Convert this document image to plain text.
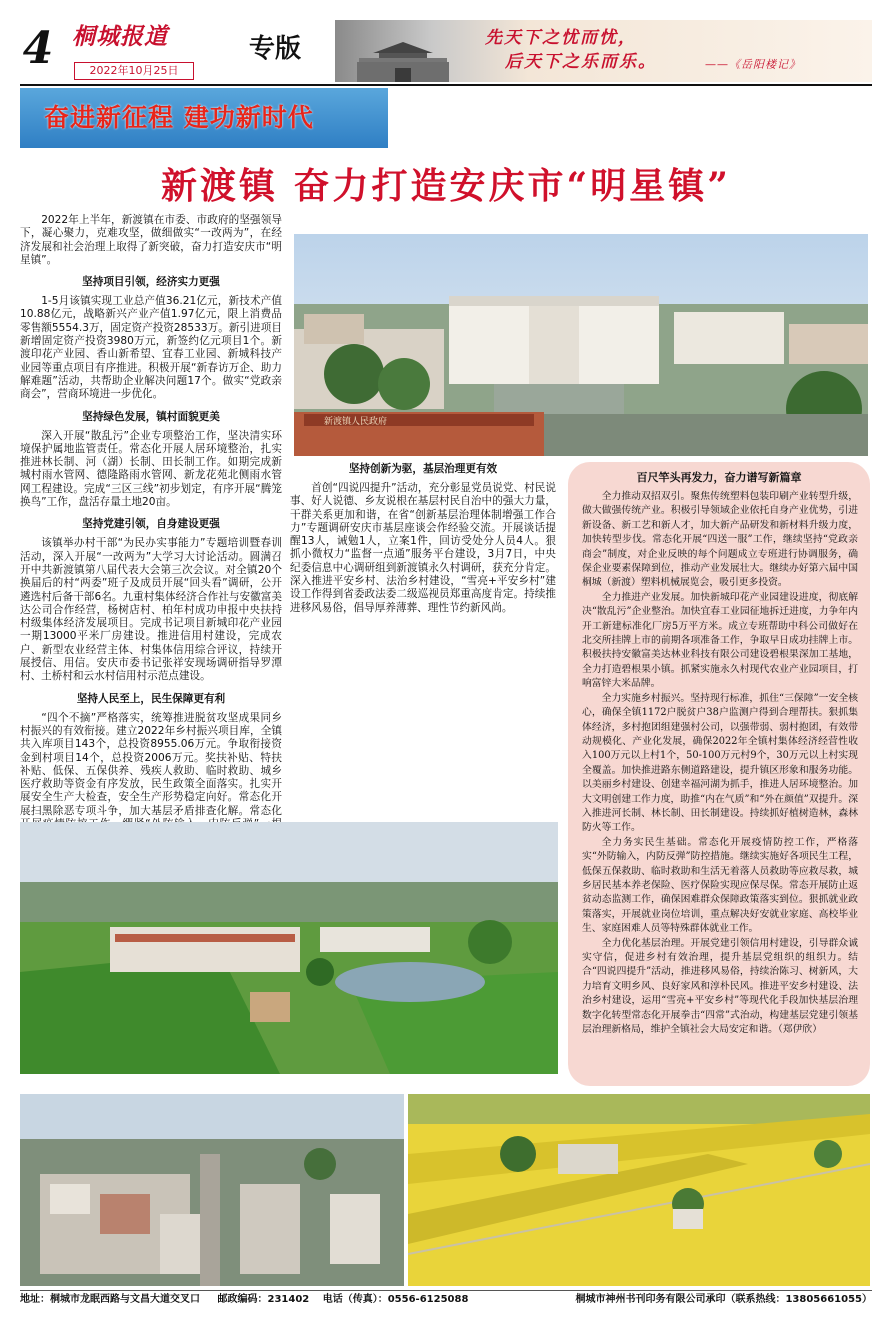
4 桐城报道
2022年10月25日
专版	先天下之忧而忧，
后天下之乐而乐。	——《岳阳楼记》
奋进新征程 建功新时代
新渡镇 奋力打造安庆市“明星镇”

2022年上半年，新渡镇在市委、市政府的坚强领导下，凝心聚力，克难攻坚，做细做实“一改两为”，在经济发展和社会治理上取得了新突破，奋力打造安庆市“明星镇”。

坚持项目引领，经济实力更强

1-5月该镇实现工业总产值36.21亿元，新技术产值10.88亿元，战略新兴产业产值1.97亿元，限上消费品零售额5554.3万，固定资产投资28533万。新引进项目新增固定资产投资3980万元，新签约亿元项目1个。新渡印花产业园、香山新希望、宜春工业园、新城科技产业园等重点项目有序推进。积极开展“新春访万企、助力解难题”活动，共帮助企业解决问题17个。做实“党政亲商会”，营商环境进一步优化。

坚持绿色发展，镇村面貌更美

深入开展“散乱污”企业专项整治工作，坚决清实环境保护属地监管责任。常态化开展人居环境整治，扎实推进林长制、河（湖）长制、田长制工作。如期完成新城村雨水管网、德隆路雨水管网、新龙花苑北侧雨水管网工程建设。完成“三区三线”初步划定，有序开展“腾笼换鸟”工作，盘活存量土地20亩。

坚持党建引领，自身建设更强

该镇举办村干部“为民办实事能力”专题培训暨春训活动，深入开展“一改两为”大学习大讨论活动。圆满召开中共新渡镇第八届代表大会第三次会议。对全镇20个换届后的村“两委”班子及成员开展“回头看”调研，公开遴选村后备干部6名。九重村集体经济合作社与安徽富美达公司合作经营，杨树店村、柏年村成功申报中央扶持村级集体经济发展项目。完成书记项目新城印花产业园一期13000平米厂房建设。推进信用村建设，完成农户、新型农业经营主体、村集体信用综合评议，持续开展授信、用信。安庆市委书记张祥安现场调研指导罗潭村、土桥村和云水村信用村示范点建设。

坚持人民至上，民生保障更有利

“四个不摘”严格落实，统筹推进脱贫攻坚成果同乡村振兴的有效衔接。建立2022年乡村振兴项目库，全镇共入库项目143个，总投资8955.06万元。争取衔接资金到村项目14个，总投资2006万元。奖扶补贴、特扶补贴、低保、五保供养、残疾人救助、临时救助、城乡医疗救助等资金有序发放，民生政策全面落实。扎实开展安全生产大检查，安全生产形势稳定向好。常态化开展扫黑除恶专项斗争，加大基层矛盾排查化解。常态化

坚持创新为驱，基层治理更有效

首创“四说四提升”活动，充分彰显党员说党、村民说事、好人说德、乡友说根在基层村民自治中的强大力量，干群关系更加和谐，在省“创新基层治理体制增强工作合力”专题调研安庆市基层座谈会作经验交流。开展谈话提醒13人，诫勉1人，立案1件，回访受处分人员4人。狠抓小微权力“监督一点通”服务平台建设，3月7日，中央纪委信息中心调研组到新渡镇永久村调研，获充分肯定。深入推进平安乡村、法治乡村建设，“雪亮+平安乡村”建设工作得到省委政法委二级巡视员郑重高度肯定。持续推进移风易俗，倡导厚养薄葬、理性节约新风尚。

新渡镇人民政府
百尺竿头再发力，奋力谱写新篇章

全力推动双招双引。聚焦传统塑料包装印刷产业转型升级，做大做强传统产业。积极引导领域企业依托自身产业优势，引进新设备、新工艺和新人才，加大新产品研发和新材料升级力度，加快转型步伐。常态化开展“四送一服”工作，继续坚持“党政亲商会”制度，对企业反映的每个问题成立专班进行协调服务，确保企业要素保障到位，推动产业发展壮大。继续办好第六届中国桐城（新渡）塑料机械展览会，吸引更多投资。

全力推进产业发展。加快新城印花产业园建设进度，彻底解决“散乱污”企业整治。加快宜春工业园征地拆迁进度，力争年内开工新建标准化厂房5万平方米。成立专班帮助中科公司做好在北交所挂牌上市的前期各项准备工作，争取早日成功挂牌上市。积极扶持安徽富美达林业科技有限公司建设碧根果深加工基地，全力打造碧根果小镇。抓紧实施永久村现代农业产业园项目，打响富锌大米品牌。

全力实施乡村振兴。坚持现行标准，抓住“三保障”一安全核心，确保全镇1172户脱贫户38户监测户得到合理帮扶。狠抓集体经济，多村抱团组建强村公司，以强带弱、弱村抱团，有效带动规模化、产业化发展，确保2022年全镇村集体经济经营性收入100万元以上村1个，50-100万元村9个，30万元以上村实现全覆盖。加快推进路东侧道路建设，提升镇区形象和服务功能。以美丽乡村建设、创建幸福河湖为抓手，推进人居环境整治。加大文明创建工作力度，助推“内在气质”和“外在颜值”双提升。深入推进河长制、林长制、田长制建设。持续抓好植树造林，森林防火等工作。

全力务实民生基础。常态化开展疫情防控工作，严格落实“外防输入，内防反弹”防控措施。继续实施好各项民生工程，低保五保救助、临时救助和生活无着落人员救助等应救尽救，城乡居民基本养老保险、医疗保险实现应保尽保。常态开展防止返贫动态监测工作，确保困难群众保障政策落实到位。狠抓就业政策落实，开展就业岗位培训，重点解决好安就业家庭、高校毕业生、家庭困难人员等特殊群体就业工作。

全力优化基层治理。开展党建引领信用村建设，引导群众诚实守信，促进乡村有效治理，提升基层党组织的组织力。结合“四说四提升”活动，推进移风易俗，持续治陈习、树新风，大力培育文明乡风、良好家风和淳朴民风。推进平安乡村建设、法治乡村建设，运用“雪亮+平安乡村”等现代化手段加快基层治理数字化转型常态化开展拳击“四常”式治动，构建基层党建引领基层治理新格局，维护全镇社会大局安定和谐。（郑伊欣）

地址：桐城市龙眠西路与文昌大道交叉口 邮政编码：231402 电话（传真）：0556-6125088	桐城市神州书刊印务有限公司承印（联系热线：13805661055）
